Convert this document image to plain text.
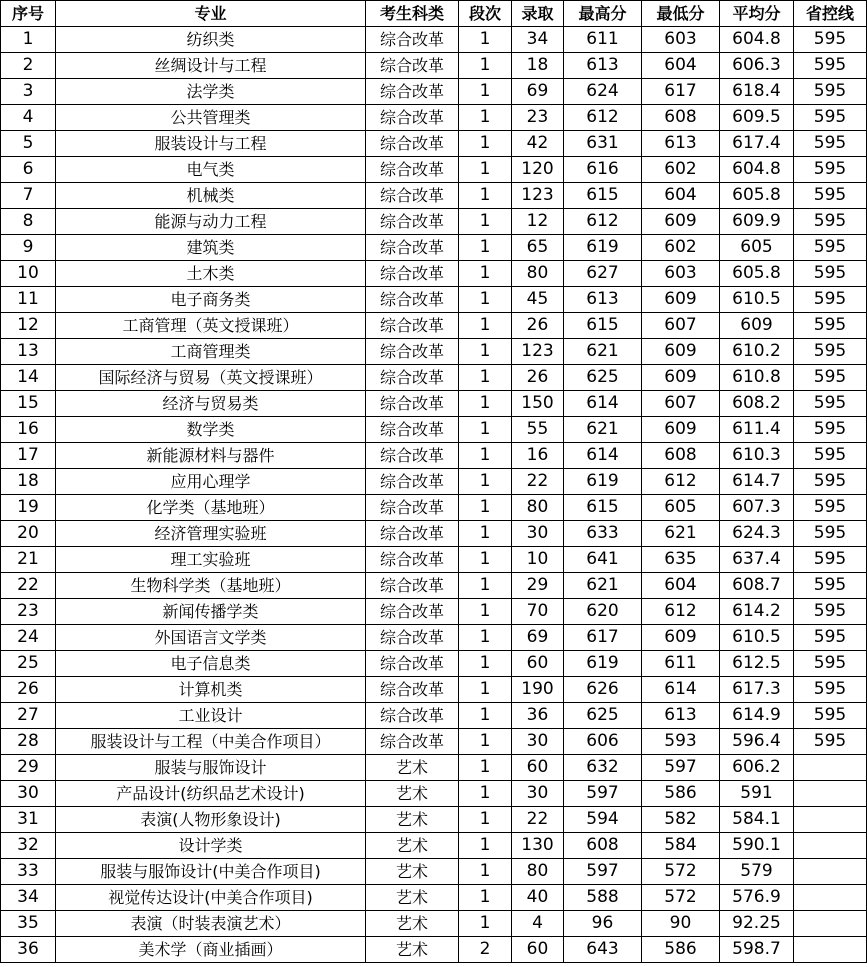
序号	专业	考生科类	段次	录取	最高分	最低分	平均分	省控线
1	纺织类	综合改革	1	34	611	603	604.8	595
2	丝绸设计与工程	综合改革	1	18	613	604	606.3	595
3	法学类	综合改革	1	69	624	617	618.4	595
4	公共管理类	综合改革	1	23	612	608	609.5	595
5	服装设计与工程	综合改革	1	42	631	613	617.4	595
6	电气类	综合改革	1	120	616	602	604.8	595
7	机械类	综合改革	1	123	615	604	605.8	595
8	能源与动力工程	综合改革	1	12	612	609	609.9	595
9	建筑类	综合改革	1	65	619	602	605	595
10	土木类	综合改革	1	80	627	603	605.8	595
11	电子商务类	综合改革	1	45	613	609	610.5	595
12	工商管理（英文授课班）	综合改革	1	26	615	607	609	595
13	工商管理类	综合改革	1	123	621	609	610.2	595
14	国际经济与贸易（英文授课班）	综合改革	1	26	625	609	610.8	595
15	经济与贸易类	综合改革	1	150	614	607	608.2	595
16	数学类	综合改革	1	55	621	609	611.4	595
17	新能源材料与器件	综合改革	1	16	614	608	610.3	595
18	应用心理学	综合改革	1	22	619	612	614.7	595
19	化学类（基地班）	综合改革	1	80	615	605	607.3	595
20	经济管理实验班	综合改革	1	30	633	621	624.3	595
21	理工实验班	综合改革	1	10	641	635	637.4	595
22	生物科学类（基地班）	综合改革	1	29	621	604	608.7	595
23	新闻传播学类	综合改革	1	70	620	612	614.2	595
24	外国语言文学类	综合改革	1	69	617	609	610.5	595
25	电子信息类	综合改革	1	60	619	611	612.5	595
26	计算机类	综合改革	1	190	626	614	617.3	595
27	工业设计	综合改革	1	36	625	613	614.9	595
28	服装设计与工程（中美合作项目）	综合改革	1	30	606	593	596.4	595
29	服装与服饰设计	艺术	1	60	632	597	606.2	
30	产品设计(纺织品艺术设计)	艺术	1	30	597	586	591	
31	表演(人物形象设计)	艺术	1	22	594	582	584.1	
32	设计学类	艺术	1	130	608	584	590.1	
33	服装与服饰设计(中美合作项目)	艺术	1	80	597	572	579	
34	视觉传达设计(中美合作项目)	艺术	1	40	588	572	576.9	
35	表演（时装表演艺术）	艺术	1	4	96	90	92.25	
36	美术学（商业插画）	艺术	2	60	643	586	598.7	
